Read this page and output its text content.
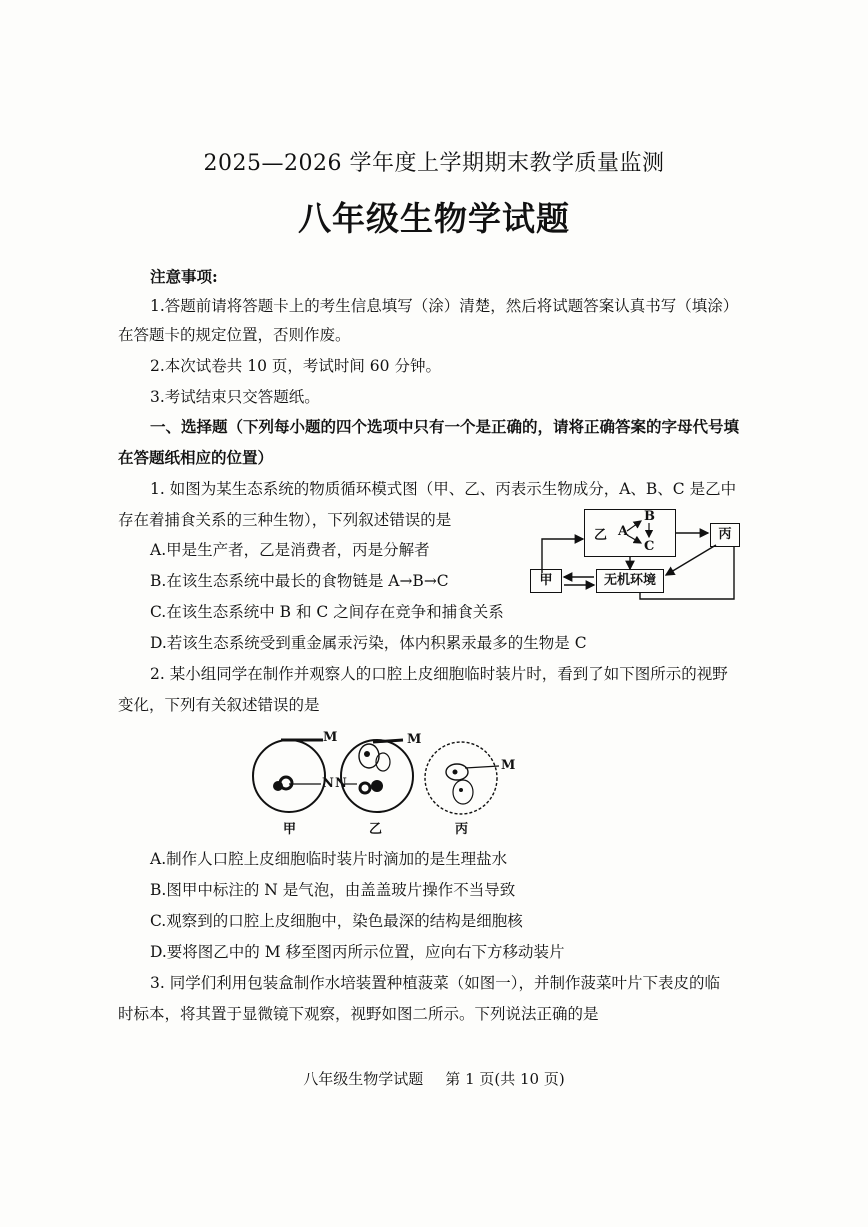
2025—2026 学年度上学期期末教学质量监测
八年级生物学试题
注意事项:
1.答题前请将答题卡上的考生信息填写（涂）清楚，然后将试题答案认真书写（填涂）
在答题卡的规定位置，否则作废。
2.本次试卷共 10 页，考试时间 60 分钟。
3.考试结束只交答题纸。
一、选择题（下列每小题的四个选项中只有一个是正确的，请将正确答案的字母代号填
在答题纸相应的位置）
1. 如图为某生态系统的物质循环模式图（甲、乙、丙表示生物成分，A、B、C 是乙中
存在着捕食关系的三种生物），下列叙述错误的是
A.甲是生产者，乙是消费者，丙是分解者
B.在该生态系统中最长的食物链是 A→B→C
C.在该生态系统中 B 和 C 之间存在竞争和捕食关系
D.若该生态系统受到重金属汞污染，体内积累汞最多的生物是 C
乙 A
B
C
丙
甲	无机环境
2. 某小组同学在制作并观察人的口腔上皮细胞临时装片时，看到了如下图所示的视野
变化，下列有关叙述错误的是
M
N
M
N
M
甲	乙	丙
A.制作人口腔上皮细胞临时装片时滴加的是生理盐水
B.图甲中标注的 N 是气泡，由盖盖玻片操作不当导致
C.观察到的口腔上皮细胞中，染色最深的结构是细胞核
D.要将图乙中的 M 移至图丙所示位置，应向右下方移动装片
3. 同学们利用包装盒制作水培装置种植菠菜（如图一），并制作菠菜叶片下表皮的临
时标本，将其置于显微镜下观察，视野如图二所示。下列说法正确的是
八年级生物学试题 第 1 页(共 10 页)
